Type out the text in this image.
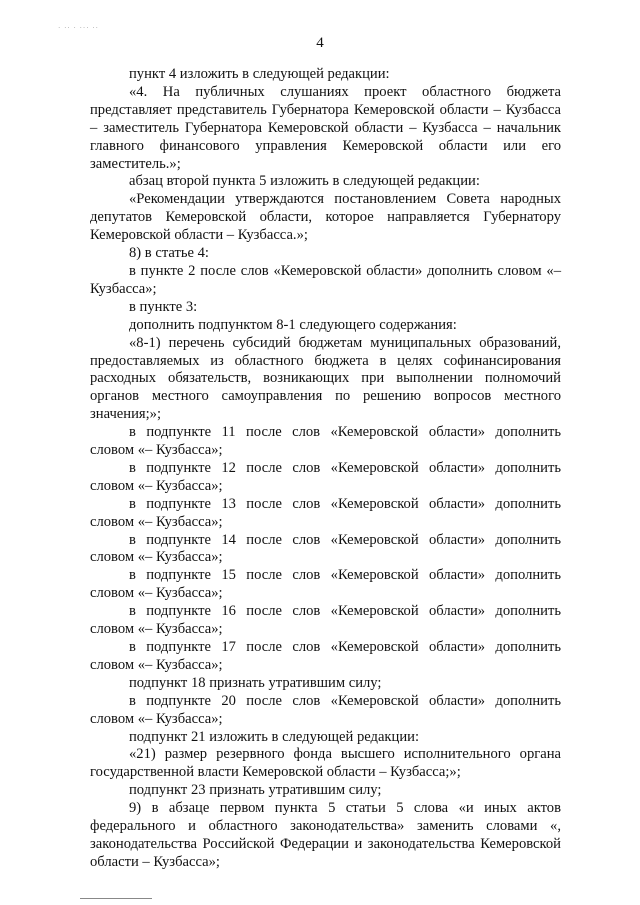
· ·· · ··· ··
4

пункт 4 изложить в следующей редакции:

«4. На публичных слушаниях проект областного бюджета представляет представитель Губернатора Кемеровской области – Кузбасса – заместитель Губернатора Кемеровской области – Кузбасса – начальник главного финансового управления Кемеровской области или его заместитель.»;

абзац второй пункта 5 изложить в следующей редакции:

«Рекомендации утверждаются постановлением Совета народных депутатов Кемеровской области, которое направляется Губернатору Кемеровской области – Кузбасса.»;

8) в статье 4:

в пункте 2 после слов «Кемеровской области» дополнить словом «– Кузбасса»;

в пункте 3:

дополнить подпунктом 8-1 следующего содержания:

«8-1) перечень субсидий бюджетам муниципальных образований, предоставляемых из областного бюджета в целях софинансирования расходных обязательств, возникающих при выполнении полномочий органов местного самоуправления по решению вопросов местного значения;»;

в подпункте 11 после слов «Кемеровской области» дополнить словом «– Кузбасса»;

в подпункте 12 после слов «Кемеровской области» дополнить словом «– Кузбасса»;

в подпункте 13 после слов «Кемеровской области» дополнить словом «– Кузбасса»;

в подпункте 14 после слов «Кемеровской области» дополнить словом «– Кузбасса»;

в подпункте 15 после слов «Кемеровской области» дополнить словом «– Кузбасса»;

в подпункте 16 после слов «Кемеровской области» дополнить словом «– Кузбасса»;

в подпункте 17 после слов «Кемеровской области» дополнить словом «– Кузбасса»;

подпункт 18 признать утратившим силу;

в подпункте 20 после слов «Кемеровской области» дополнить словом «– Кузбасса»;

подпункт 21 изложить в следующей редакции:

«21) размер резервного фонда высшего исполнительного органа государственной власти Кемеровской области – Кузбасса;»;

подпункт 23 признать утратившим силу;

9) в абзаце первом пункта 5 статьи 5 слова «и иных актов федерального и областного законодательства» заменить словами «, законодательства Российской Федерации и законодательства Кемеровской области – Кузбасса»;
